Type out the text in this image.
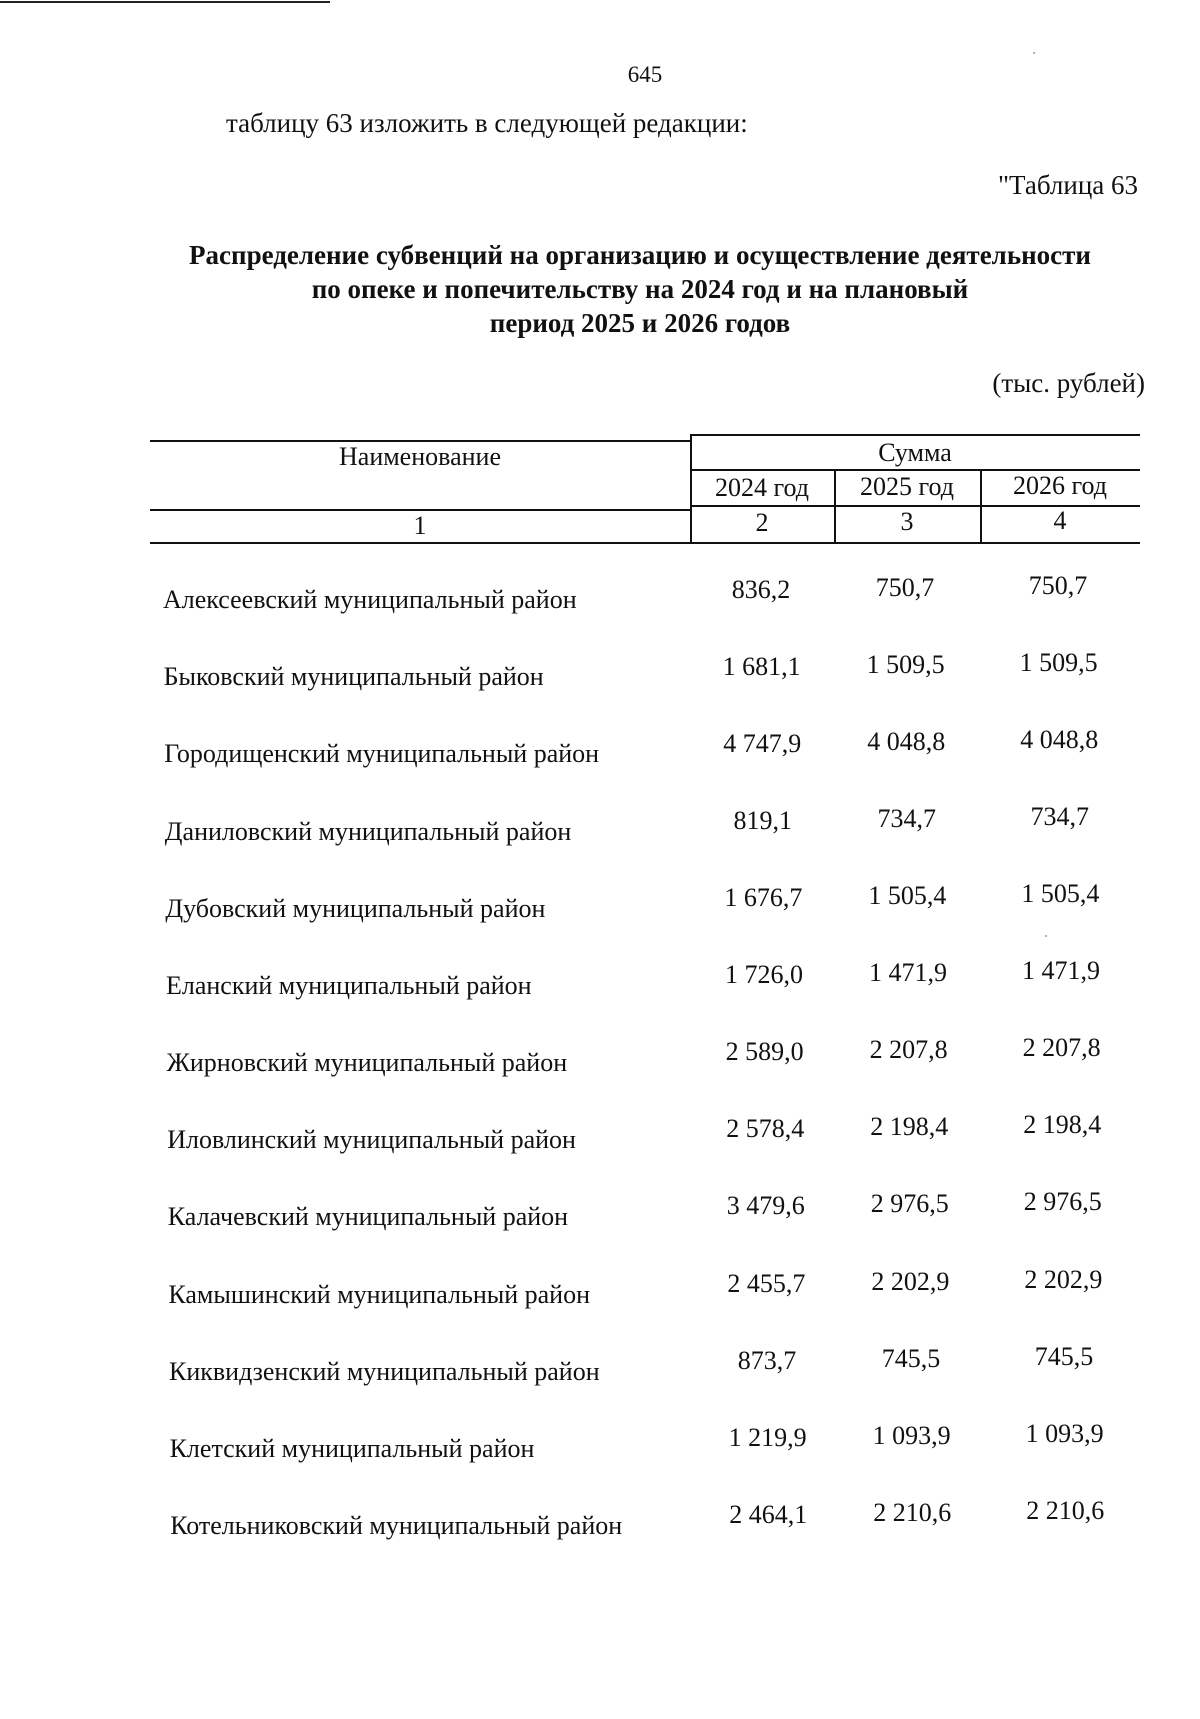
645
таблицу 63 изложить в следующей редакции:
"Таблица 63
Распределение субвенций на организацию и осуществление деятельности
по опеке и попечительству на 2024 год и на плановый
период 2025 и 2026 годов
(тыс. рублей)
Наименование	Сумма
2024 год	2025 год	2026 год
1	2	3	4
Алексеевский муниципальный район	836,2	750,7	750,7
Быковский муниципальный район	1 681,1	1 509,5	1 509,5
Городищенский муниципальный район	4 747,9	4 048,8	4 048,8
Даниловский муниципальный район	819,1	734,7	734,7
Дубовский муниципальный район	1 676,7	1 505,4	1 505,4
Еланский муниципальный район	1 726,0	1 471,9	1 471,9
Жирновский муниципальный район	2 589,0	2 207,8	2 207,8
Иловлинский муниципальный район	2 578,4	2 198,4	2 198,4
Калачевский муниципальный район	3 479,6	2 976,5	2 976,5
Камышинский муниципальный район	2 455,7	2 202,9	2 202,9
Киквидзенский муниципальный район	873,7	745,5	745,5
Клетский муниципальный район	1 219,9	1 093,9	1 093,9
Котельниковский муниципальный район	2 464,1	2 210,6	2 210,6
